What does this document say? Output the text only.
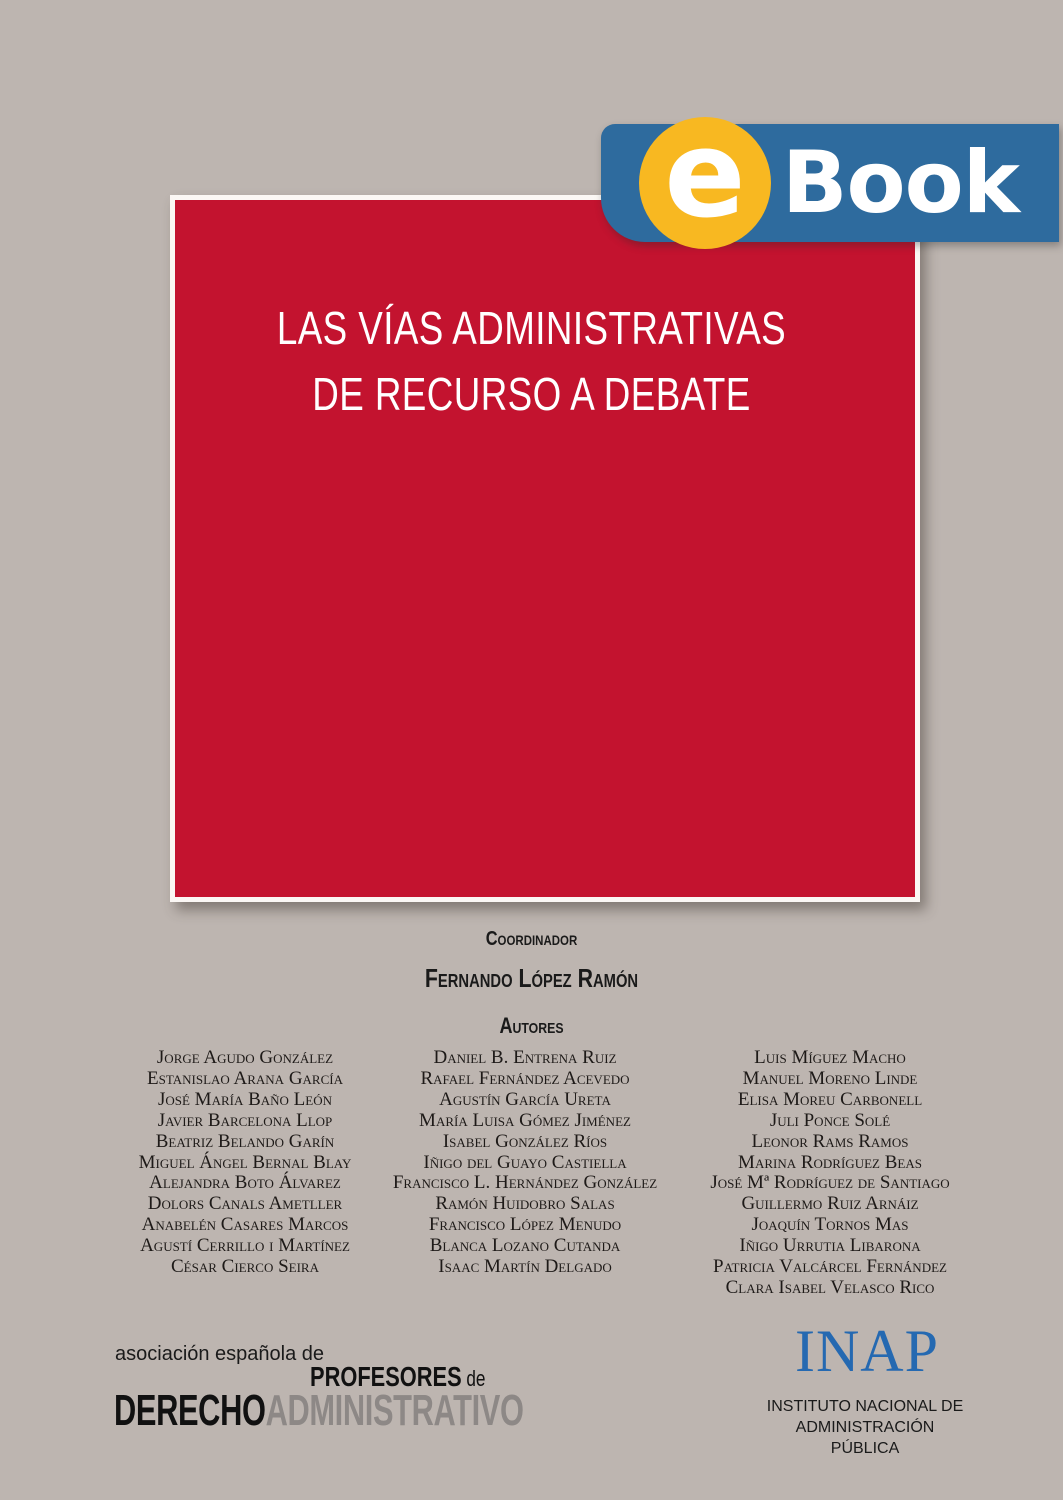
LAS VÍAS ADMINISTRATIVAS
DE RECURSO A DEBATE
e Book
Coordinador
Fernando López Ramón
Autores
Jorge Agudo González
Estanislao Arana García
José María Baño León
Javier Barcelona Llop
Beatriz Belando Garín
Miguel Ángel Bernal Blay
Alejandra Boto Álvarez
Dolors Canals Ametller
Anabelén Casares Marcos
Agustí Cerrillo i Martínez
César Cierco Seira
Daniel B. Entrena Ruiz
Rafael Fernández Acevedo
Agustín García Ureta
María Luisa Gómez Jiménez
Isabel González Ríos
Iñigo del Guayo Castiella
Francisco L. Hernández González
Ramón Huidobro Salas
Francisco López Menudo
Blanca Lozano Cutanda
Isaac Martín Delgado
Luis Míguez Macho
Manuel Moreno Linde
Elisa Moreu Carbonell
Juli Ponce Solé
Leonor Rams Ramos
Marina Rodríguez Beas
José Mª Rodríguez de Santiago
Guillermo Ruiz Arnáiz
Joaquín Tornos Mas
Iñigo Urrutia Libarona
Patricia Valcárcel Fernández
Clara Isabel Velasco Rico
asociación española de
PROFESORES de
DERECHOADMINISTRATIVO
INAP
INSTITUTO NACIONAL DE
ADMINISTRACIÓN PÚBLICA
